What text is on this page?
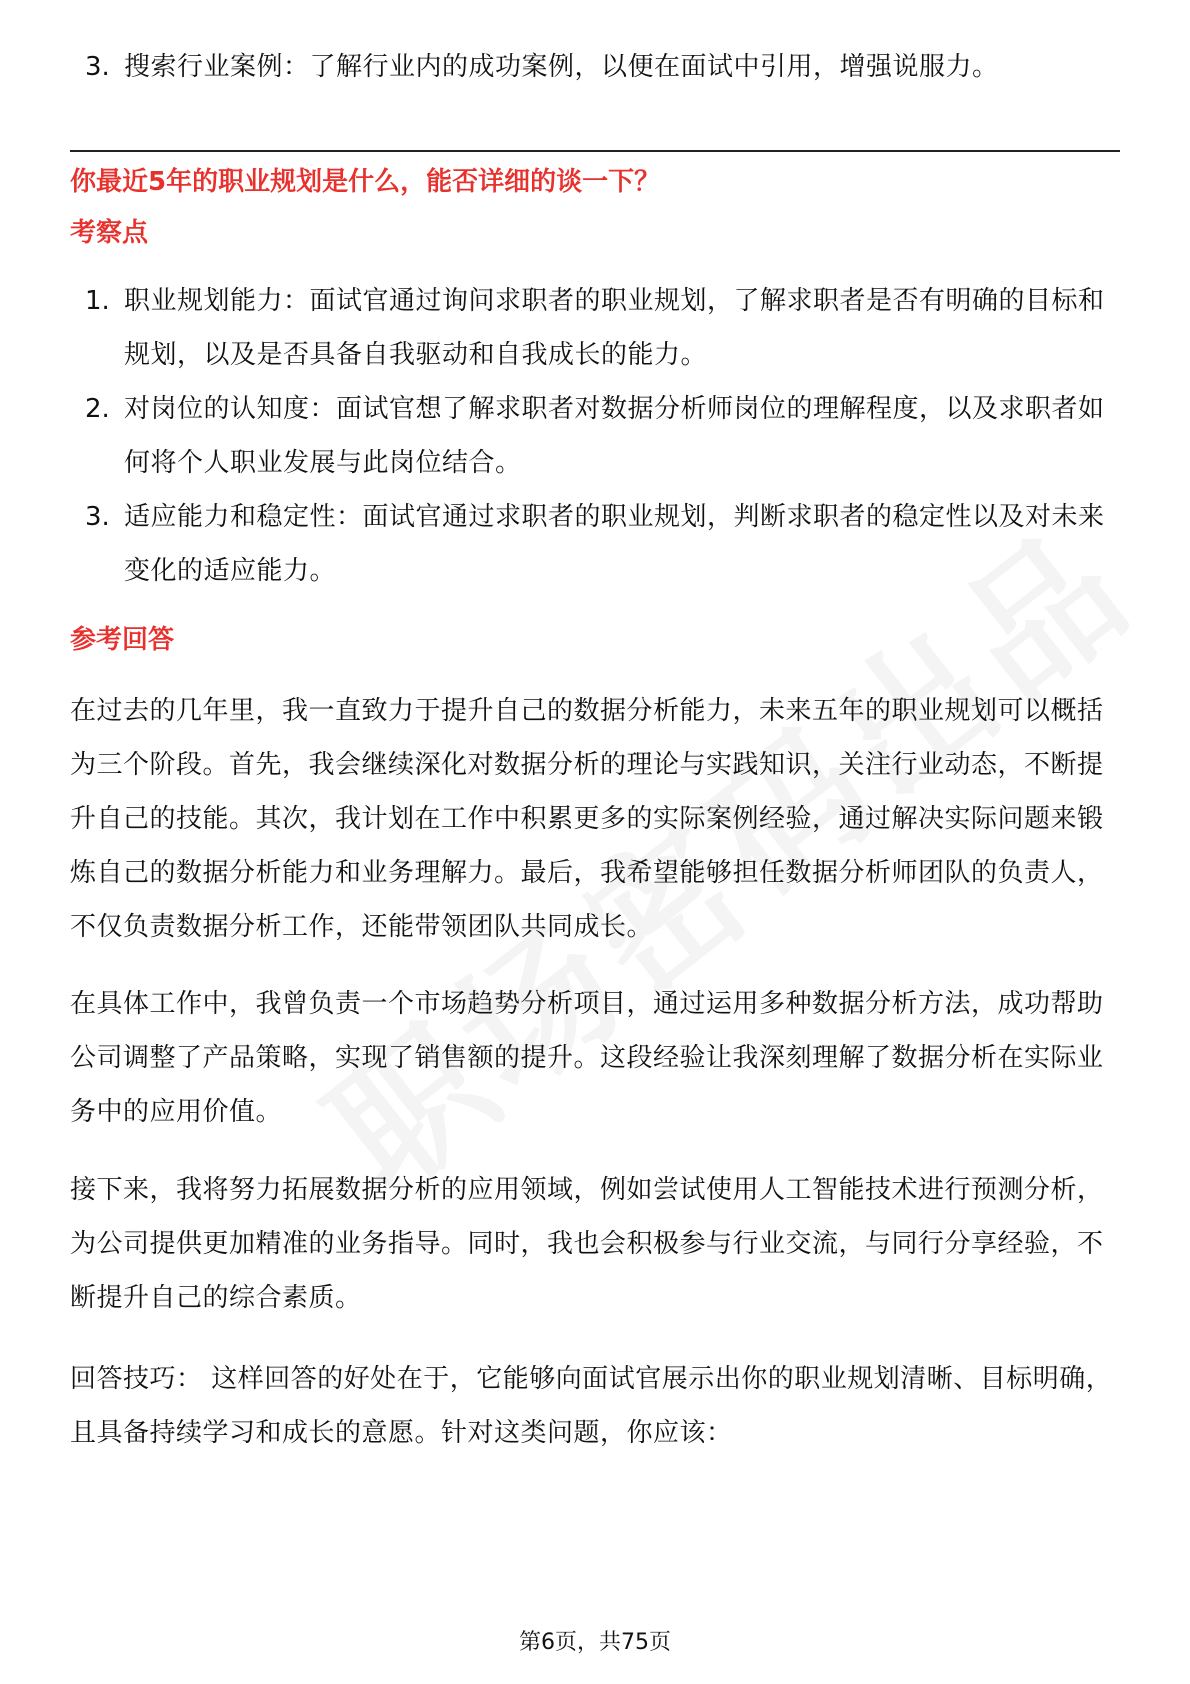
3. 搜索行业案例：了解行业内的成功案例，以便在面试中引用，增强说服力。

你最近5年的职业规划是什么，能否详细的谈一下？

考察点

1. 职业规划能力：面试官通过询问求职者的职业规划，了解求职者是否有明确的目标和规划，以及是否具备自我驱动和自我成长的能力。
2. 对岗位的认知度：面试官想了解求职者对数据分析师岗位的理解程度，以及求职者如何将个人职业发展与此岗位结合。
3. 适应能力和稳定性：面试官通过求职者的职业规划，判断求职者的稳定性以及对未来变化的适应能力。

参考回答

在过去的几年里，我一直致力于提升自己的数据分析能力，未来五年的职业规划可以概括为三个阶段。首先，我会继续深化对数据分析的理论与实践知识，关注行业动态，不断提升自己的技能。其次，我计划在工作中积累更多的实际案例经验，通过解决实际问题来锻炼自己的数据分析能力和业务理解力。最后，我希望能够担任数据分析师团队的负责人，不仅负责数据分析工作，还能带领团队共同成长。

在具体工作中，我曾负责一个市场趋势分析项目，通过运用多种数据分析方法，成功帮助公司调整了产品策略，实现了销售额的提升。这段经验让我深刻理解了数据分析在实际业务中的应用价值。

接下来，我将努力拓展数据分析的应用领域，例如尝试使用人工智能技术进行预测分析，为公司提供更加精准的业务指导。同时，我也会积极参与行业交流，与同行分享经验，不断提升自己的综合素质。

回答技巧： 这样回答的好处在于，它能够向面试官展示出你的职业规划清晰、目标明确，且具备持续学习和成长的意愿。针对这类问题，你应该：

第6页，共75页
